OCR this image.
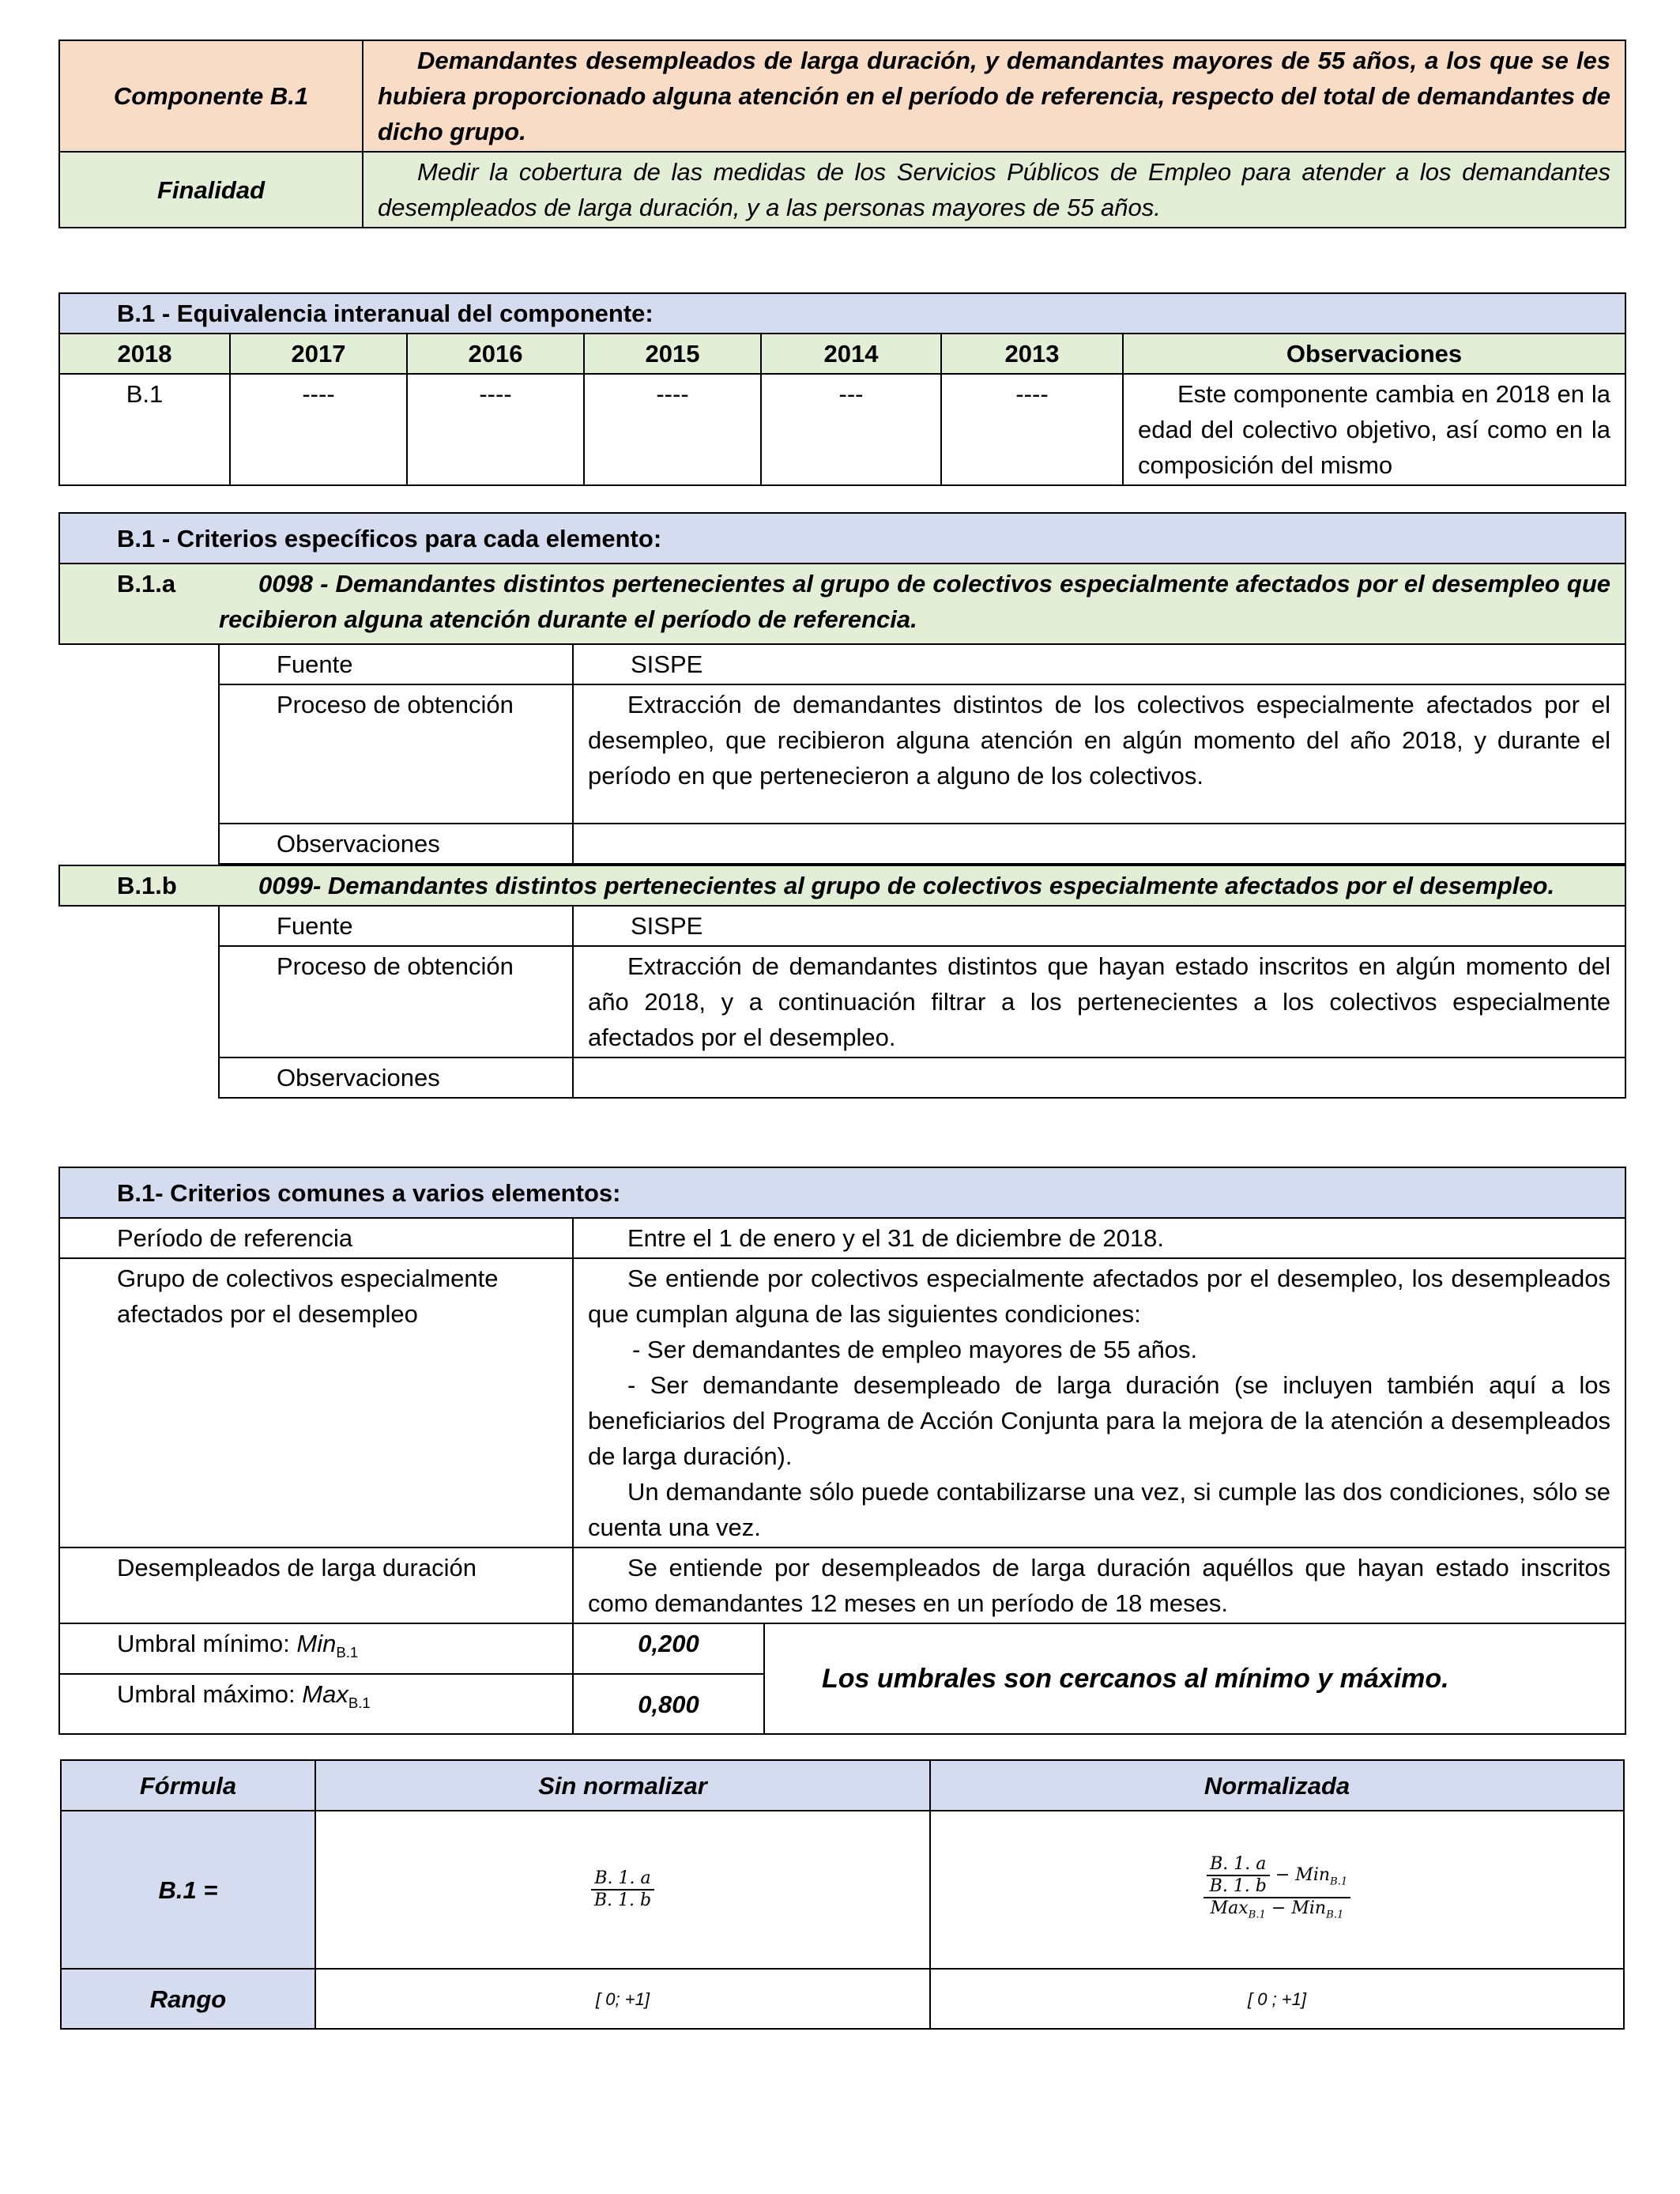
Componente B.1	Demandantes desempleados de larga duración, y demandantes mayores de 55 años, a los que se les hubiera proporcionado alguna atención en el período de referencia, respecto del total de demandantes de dicho grupo.
Finalidad	Medir la cobertura de las medidas de los Servicios Públicos de Empleo para atender a los demandantes desempleados de larga duración, y a las personas mayores de 55 años.
B.1 - Equivalencia interanual del componente:						
2018	2017	2016	2015	2014	2013	Observaciones
B.1	----	----	----	---	----	Este componente cambia en 2018 en la edad del colectivo objetivo, así como en la composición del mismo
B.1 - Criterios específicos para cada elemento:		
B.1.a	0098 - Demandantes distintos pertenecientes al grupo de colectivos especialmente afectados por el desempleo que recibieron alguna atención durante el período de referencia.	
	Fuente	SISPE
	Proceso de obtención	Extracción de demandantes distintos de los colectivos especialmente afectados por el desempleo, que recibieron alguna atención en algún momento del año 2018, y durante el período en que pertenecieron a alguno de los colectivos.
	Observaciones	

B.1.b	0099- Demandantes distintos pertenecientes al grupo de colectivos especialmente afectados por el desempleo.	
	Fuente	SISPE
	Proceso de obtención	Extracción de demandantes distintos que hayan estado inscritos en algún momento del año 2018, y a continuación filtrar a los pertenecientes a los colectivos especialmente afectados por el desempleo.
	Observaciones	
B.1- Criterios comunes a varios elementos:		
Período de referencia	Entre el 1 de enero y el 31 de diciembre de 2018.	
Grupo de colectivos especialmente afectados por el desempleo	Se entiende por colectivos especialmente afectados por el desempleo, los desempleados que cumplan alguna de las siguientes condiciones:
- Ser demandantes de empleo mayores de 55 años.
- Ser demandante desempleado de larga duración (se incluyen también aquí a los beneficiarios del Programa de Acción Conjunta para la mejora de la atención a desempleados de larga duración).
Un demandante sólo puede contabilizarse una vez, si cumple las dos condiciones, sólo se cuenta una vez.	

Desempleados de larga duración	Se entiende por desempleados de larga duración aquéllos que hayan estado inscritos como demandantes 12 meses en un período de 18 meses.	
Umbral mínimo: Min$_{B.1}$	0,200	Los umbrales son cercanos al mínimo y máximo.
Umbral máximo: Max$_{B.1}$	0,800	
Fórmula	Sin normalizar	Normalizada
B.1 =	$\frac{B. 1. a}{B. 1. b}$	$\frac{\frac{B. 1. a}{B. 1. b} - Min_{B.1}}{Max_{B.1} - Min_{B.1}}$

Rango	[ 0; +1]	[ 0 ; +1]
